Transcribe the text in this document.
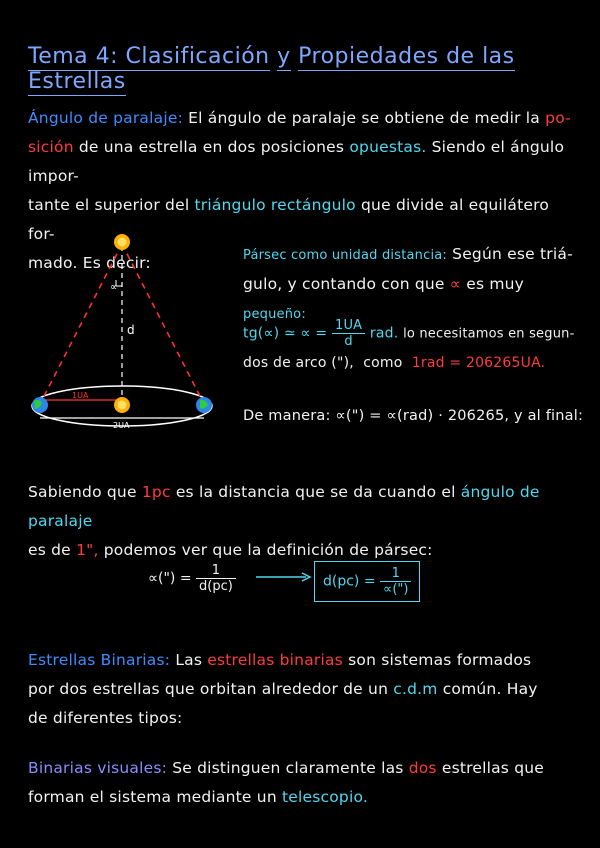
Tema 4: Clasificación y Propiedades de las Estrellas
Ángulo de paralaje: El ángulo de paralaje se obtiene de medir la po-
sición de una estrella en dos posiciones opuestas. Siendo el ángulo impor-
tante el superior del triángulo rectángulo que divide al equilátero for-
mado. Es decir:
∝
d
1UA
2UA
Pársec como unidad distancia: Según ese triá-
gulo, y contando con que ∝ es muy pequeño:
tg(∝) ≃ ∝ = $\frac{1UA}{d}$ rad. lo necesitamos en segun-
dos de arco ("), como 1rad = 206265UA.
De manera: ∝(") = ∝(rad) · 206265, y al final:
Sabiendo que 1pc es la distancia que se da cuando el ángulo de paralaje
es de 1", podemos ver que la definición de pársec:
∝(") = $\frac{1}{d(pc)}$	$d(pc) = \frac{1}{\propto(")}$
Estrellas Binarias: Las estrellas binarias son sistemas formados
por dos estrellas que orbitan alrededor de un c.d.m común. Hay
de diferentes tipos:
Binarias visuales: Se distinguen claramente las dos estrellas que
forman el sistema mediante un telescopio.
